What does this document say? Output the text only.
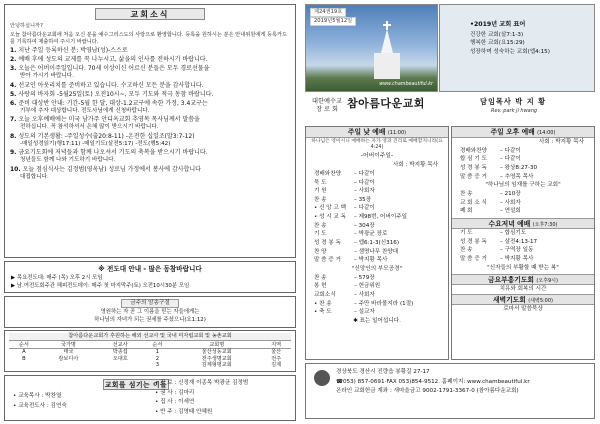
교회소식

안녕하십니까?

오늘 참아름다운교회에 처음 오신 분을 예수그리스도의 사랑으로 환영합니다. 등록을 원하시는 분은 안내위원에게 등록카드를 기록하여 제출하여 주시기 바랍니다.

1. 지난 주일 등록하신 분: 박영남(성)-스스로
2. 예배 후에 성도의 교제를 꼭 나누시고, 삶을의 인사를 전하시기 바랍니다.
3. 오늘은 어버이주일입니다. 70세 이상이신 어르신 분들은 모두 경로선물을
받아 가시기 바랍니다.
4. 선교인 아웃리치를 준비하고 있습니다. 수고하신 모든 분을 감사합니다.
5. 사랑의 바자회 -5월25일(토) 오전10시~, 모두 기도와 적극 동참 바랍니다.
6. 준비 대상반 안내: 기간-5월 한 달, 대상-1.2교구에 속한 가정, 3.4교구는
기부에 추자 대상합니다. 전도사님에게 신청바랍니다.
7. 오늘 오후예배에는 미국 남가주 안디옥교회 추영목 목사님께서 말씀을
전하십니다. 꼭 참석하셔서 은혜 많이 받으시기 바랍니다.
8. 성도의 기본생활: -주일성수(출20:8-11) -온전한 십일조(말3:7-12)
-매일성경읽기(행17:11) -매일기도(살전5:17) -전도(행5:42)
9. 금요기도회에 저녁들과 함께 나오셔서 기도의 축복을 받으시기 바랍니다.
청년들도 함께 나와 기도하기 바랍니다.
10. 오늘 점심식사는 김정범(영옥남) 성로님 가정에서 봉사에 감사합니다
대접합니다.
※ 전도대 안내 - 많은 동참바랍니다
▶ 목요전도대: 매주 (목) 오후 2시 모임
▶ 남.여전도회주관 해피전도데이: 매주 첫 마지막주(토) 오전10시30분 모임
금주의 암송구절
영원하는 자 곧 그 이름을 믿는 자들에게는
하나님의 자녀가 되는 권세를 주셨으니(요1:12)
참아름다운교회가 후원하는 해외 선교사 및 국내 미자립교회 및 농촌교회
순서	국가명	선교사	순서	교회명	지역
A	태국	박종섭	1	울산성동교회	울산
B	캄보디아	오대호	2	전주생명교회	전주
			3	김제형평교회	김제
교회를 섬기는 이들
• 교육목사 : 박찬열
• 교육전도사 : 김연숙
• 장 로 : 신정재 이종목 박광균 김정범
• 권 사 : 김마리
• 집 사 : 이세연
• 반 주 : 김영태 안혜원
제24권19호
2019년5월12일
www.chambeautiful.kr
•2019년 교회 표어
건강한 교회(살7:1-3)
행복한 교회(요15:29)
성장하며 성숙하는 교회(엡4:15)
대한예수교
장 로 회 참아름다운교회	담임목사 박 지 황
Rev. park ji hwang
주일 낮 예배 (11:00)
하나님은 영이시니 예배하는 자가 영과 진리로 예배할지니라(요4:24)
-어버이주일-
사회 : 박지황 목사
경배와찬양	– 다같이
묵 도	– 다같이
기 원	– 사회자
찬 송	– 35장
• 신 앙 고 백	– 다같이
• 성 시 교 독	– 제98번, 어버이주일
찬 송	– 304장
기 도	– 박광균 장로
성 경 봉 독	– 엡6:1-3(신316)
찬 양	– 샘명나무 찬양대
말 씀 증 거	– 박지황 목사
"신앙인의 부모공경"
찬 송	– 579장
봉 헌	– 헌금위원
교회소식	– 사회자
• 찬 송	– 주만 바라볼지라 (1절)
• 축 도	– 설교자
✱ 표는 일어섭니다.
주일 오후 예배 (14:00)
사회 : 박지황 목사
경배와찬양	– 다같이
합 심 기 도	– 다같이
성 경 봉 독	– 왕상8:27-30
말 씀 증 거	– 추영목 목사
"하나님의 임재를 구하는 교회"
찬 송	– 210장
교 회 소 식	– 사회자
폐 회	– 연설회
수요저녁 예배 (오후7:30)
기 도	– 합심기도
성 경 봉 독	– 살전4:13-17
찬 송	– 구역장 일동
말 씀 증 거	– 박지황 목사
"신자들의 부활할 때 받는 복"
금요부흥기도회 (오후9시)
치유와 회복의 시간
새벽기도회 (새벽5:00)
로마서 말씀묵상
경상북도 경산시 진량읍 봉황길 27-17
☎053) 857-0691·FAX 053)854-9512. 홈페이지: www.chambeautiful.kr
온라인 교회헌금 계좌 : 새마을금고 9002-1791-3367-0 (참아름다운교회)
